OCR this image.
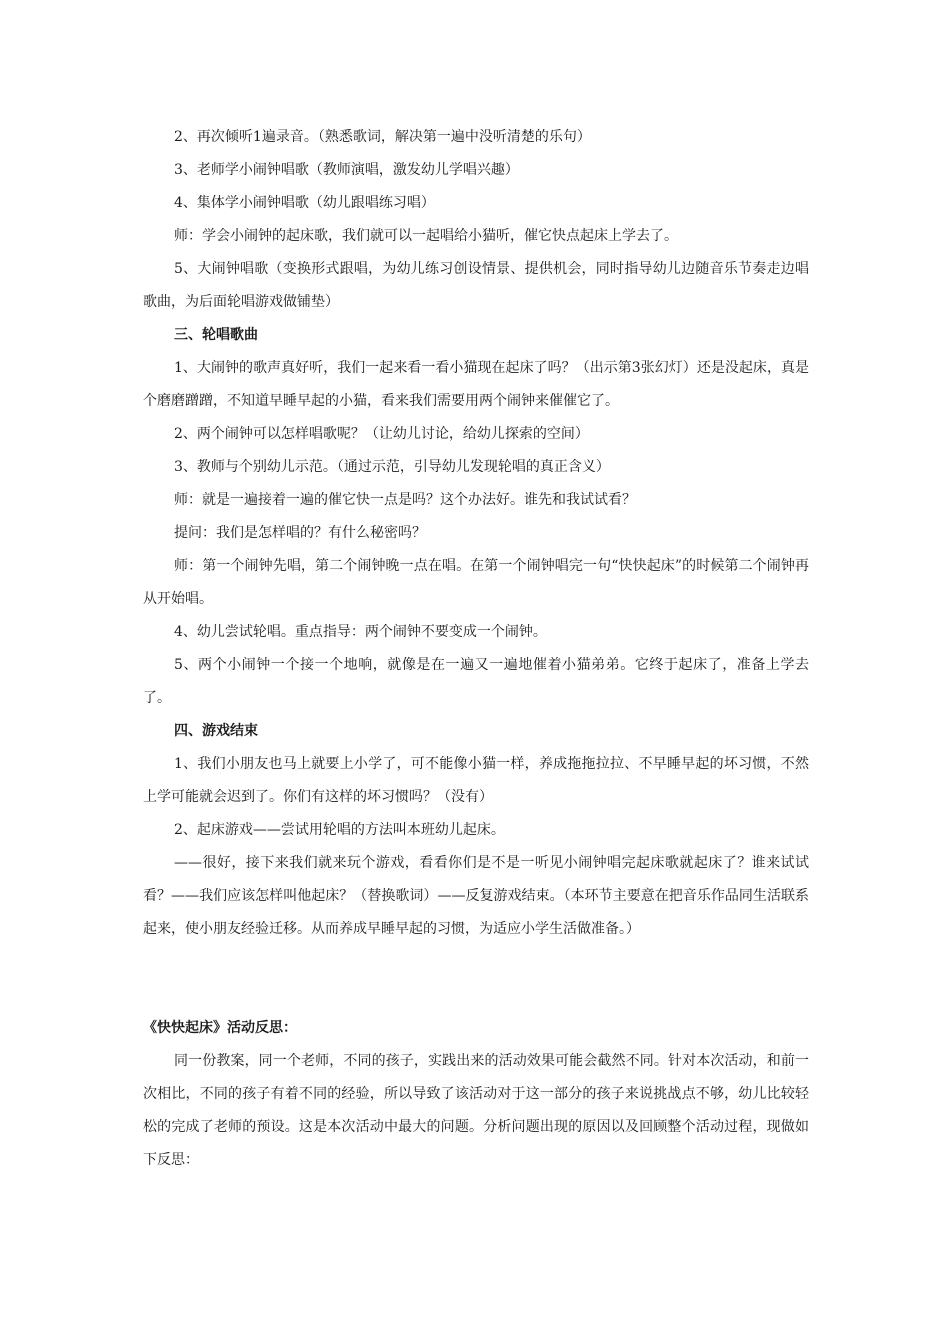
2、再次倾听1遍录音。（熟悉歌词，解决第一遍中没听清楚的乐句）

3、老师学小闹钟唱歌（教师演唱，激发幼儿学唱兴趣）

4、集体学小闹钟唱歌（幼儿跟唱练习唱）

师：学会小闹钟的起床歌，我们就可以一起唱给小猫听，催它快点起床上学去了。

5、大闹钟唱歌（变换形式跟唱，为幼儿练习创设情景、提供机会，同时指导幼儿边随音乐节奏走边唱歌曲，为后面轮唱游戏做铺垫）

三、轮唱歌曲

1、大闹钟的歌声真好听，我们一起来看一看小猫现在起床了吗？（出示第3张幻灯）还是没起床，真是个磨磨蹭蹭，不知道早睡早起的小猫，看来我们需要用两个闹钟来催催它了。

2、两个闹钟可以怎样唱歌呢？（让幼儿讨论，给幼儿探索的空间）

3、教师与个别幼儿示范。（通过示范，引导幼儿发现轮唱的真正含义）

师：就是一遍接着一遍的催它快一点是吗？这个办法好。谁先和我试试看？

提问：我们是怎样唱的？有什么秘密吗？

师：第一个闹钟先唱，第二个闹钟晚一点在唱。在第一个闹钟唱完一句“快快起床”的时候第二个闹钟再从开始唱。

4、幼儿尝试轮唱。重点指导：两个闹钟不要变成一个闹钟。

5、两个小闹钟一个接一个地响，就像是在一遍又一遍地催着小猫弟弟。它终于起床了，准备上学去了。

四、游戏结束

1、我们小朋友也马上就要上小学了，可不能像小猫一样，养成拖拖拉拉、不早睡早起的坏习惯，不然上学可能就会迟到了。你们有这样的坏习惯吗？（没有）

2、起床游戏——尝试用轮唱的方法叫本班幼儿起床。

——很好，接下来我们就来玩个游戏，看看你们是不是一听见小闹钟唱完起床歌就起床了？谁来试试看？——我们应该怎样叫他起床？（替换歌词）——反复游戏结束。（本环节主要意在把音乐作品同生活联系起来，使小朋友经验迁移。从而养成早睡早起的习惯，为适应小学生活做准备。）

《快快起床》活动反思：

同一份教案，同一个老师，不同的孩子，实践出来的活动效果可能会截然不同。针对本次活动，和前一次相比，不同的孩子有着不同的经验，所以导致了该活动对于这一部分的孩子来说挑战点不够，幼儿比较轻松的完成了老师的预设。这是本次活动中最大的问题。分析问题出现的原因以及回顾整个活动过程，现做如下反思：
